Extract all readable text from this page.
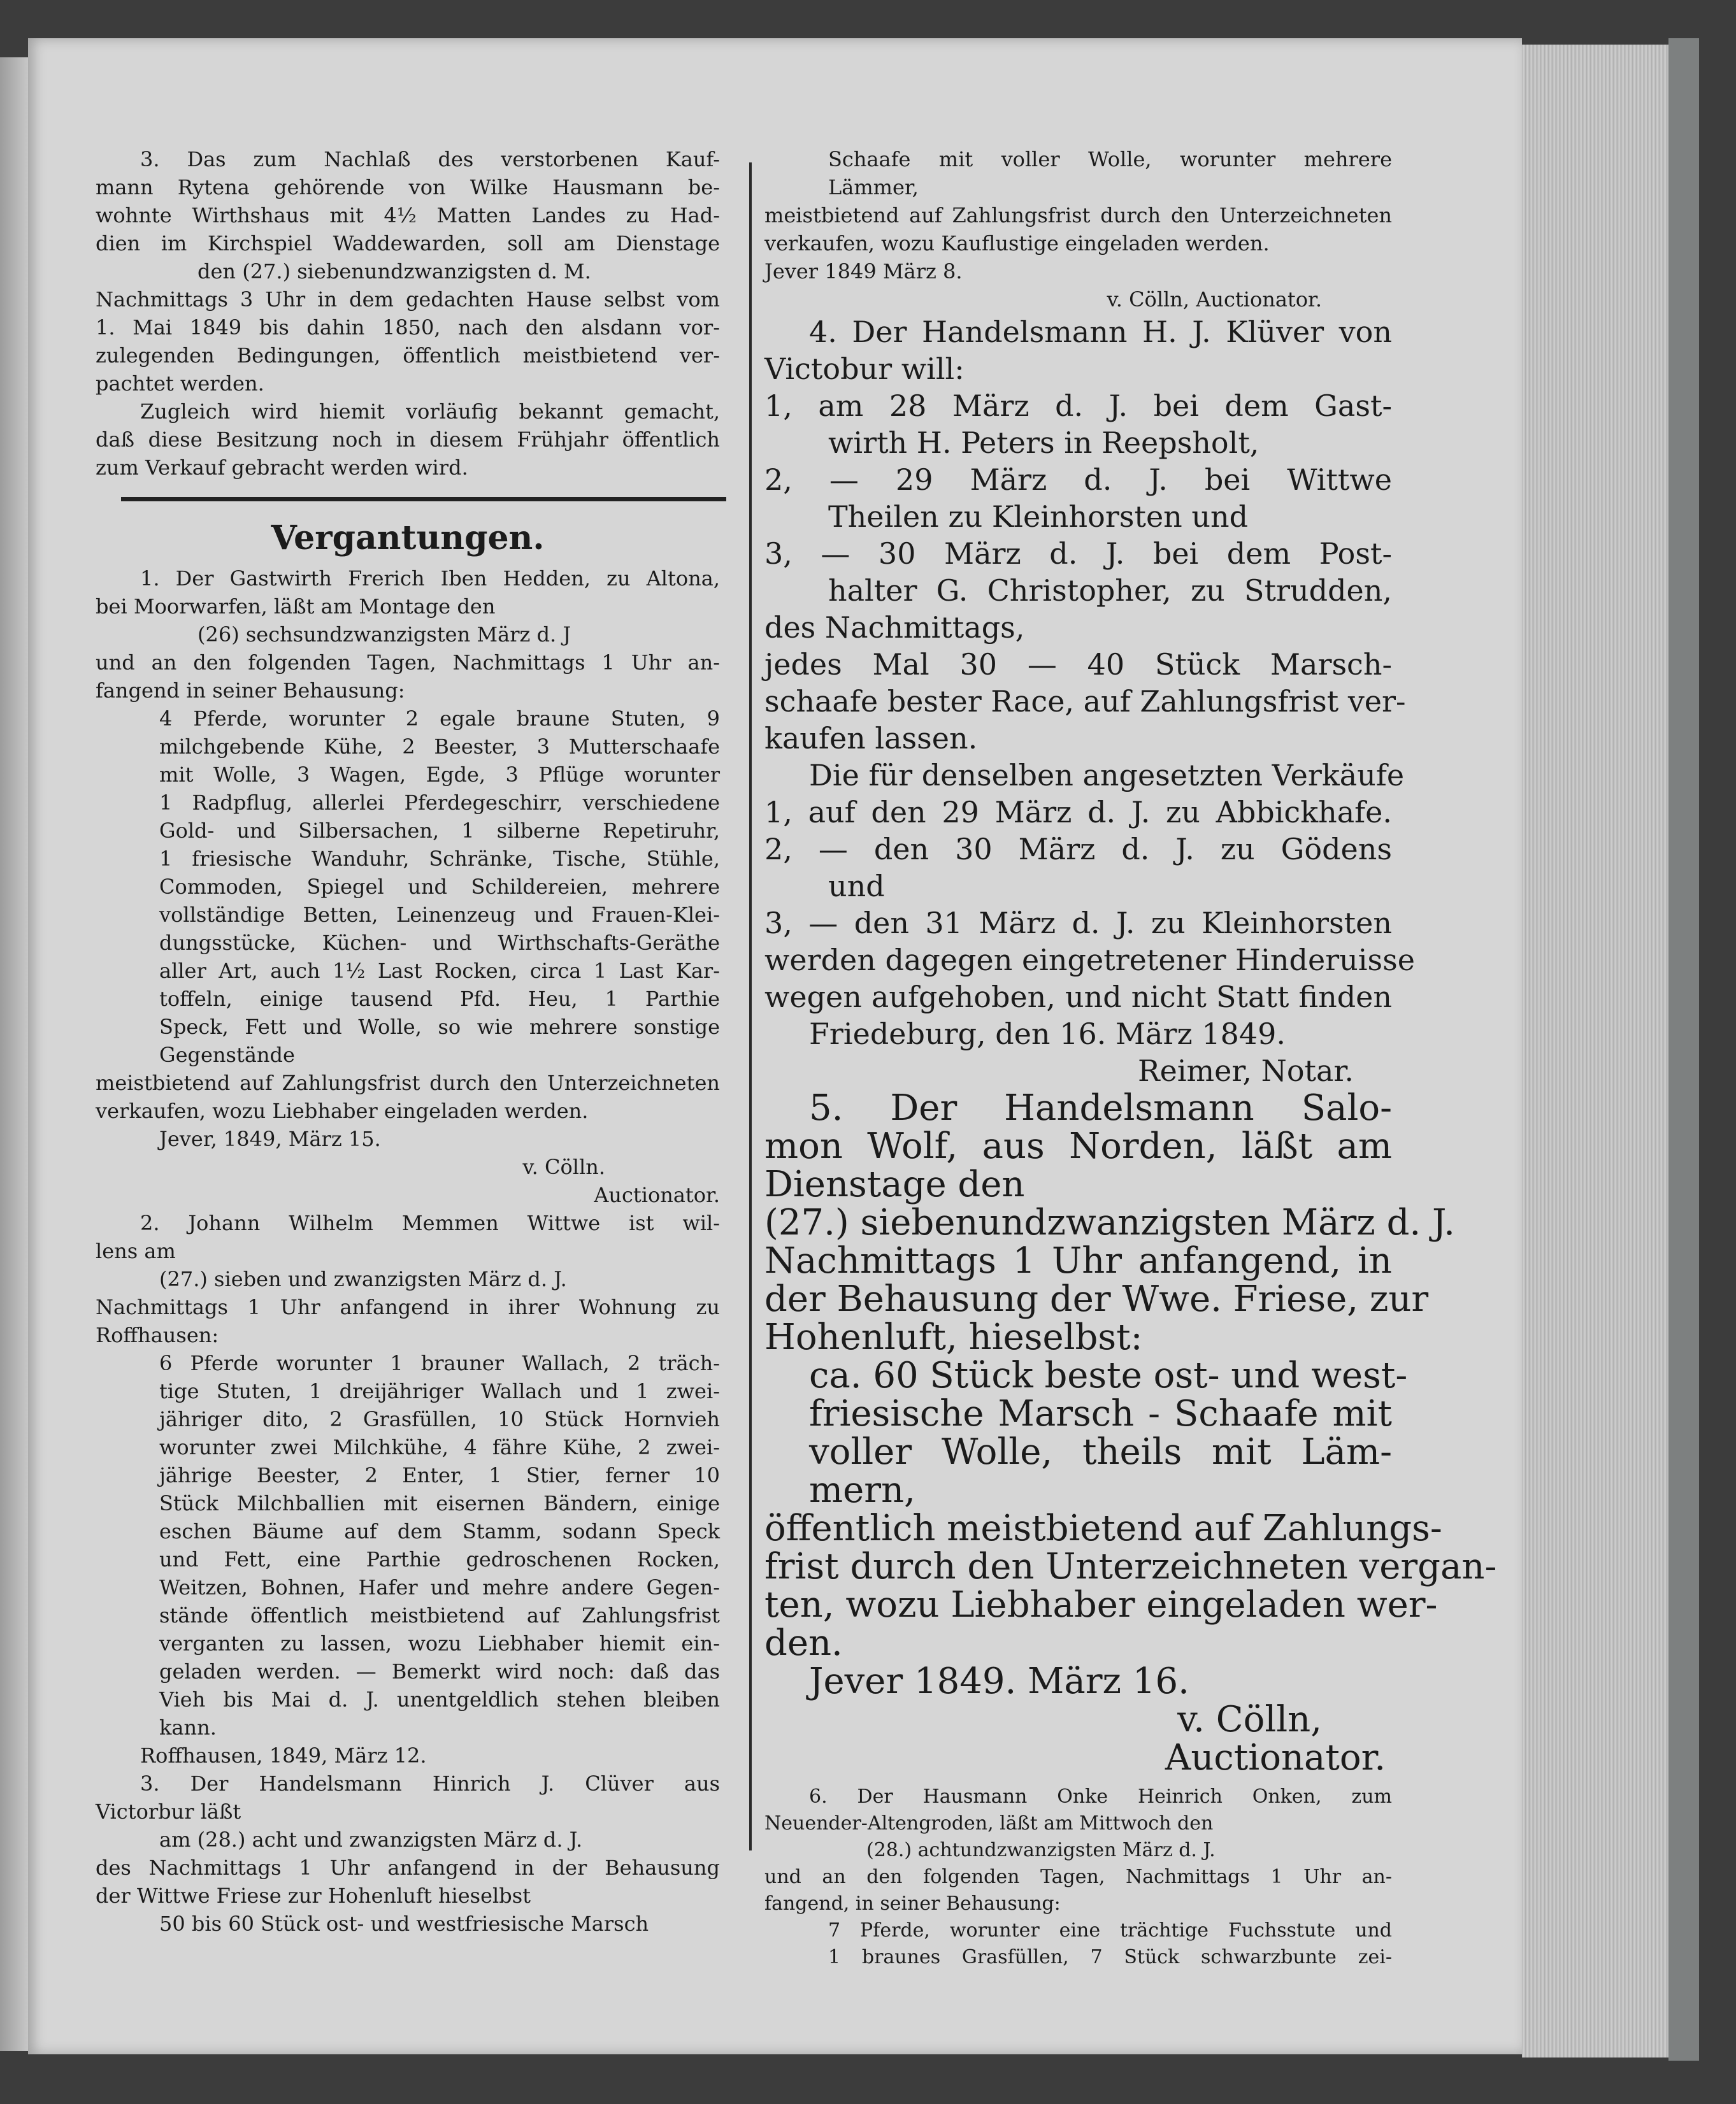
3. Das zum Nachlaß des verstorbenen Kauf-

mann Rytena gehörende von Wilke Hausmann be-

wohnte Wirthshaus mit 4½ Matten Landes zu Had-

dien im Kirchspiel Waddewarden, soll am Dienstage

den (27.) siebenundzwanzigsten d. M.

Nachmittags 3 Uhr in dem gedachten Hause selbst vom

1. Mai 1849 bis dahin 1850, nach den alsdann vor-

zulegenden Bedingungen, öffentlich meistbietend ver-

pachtet werden.

Zugleich wird hiemit vorläufig bekannt gemacht,

daß diese Besitzung noch in diesem Frühjahr öffentlich

zum Verkauf gebracht werden wird.

Vergantungen.

1. Der Gastwirth Frerich Iben Hedden, zu Altona,

bei Moorwarfen, läßt am Montage den

(26) sechsundzwanzigsten März d. J

und an den folgenden Tagen, Nachmittags 1 Uhr an-

fangend in seiner Behausung:

4 Pferde, worunter 2 egale braune Stuten, 9

milchgebende Kühe, 2 Beester, 3 Mutterschaafe

mit Wolle, 3 Wagen, Egde, 3 Pflüge worunter

1 Radpflug, allerlei Pferdegeschirr, verschiedene

Gold- und Silbersachen, 1 silberne Repetiruhr,

1 friesische Wanduhr, Schränke, Tische, Stühle,

Commoden, Spiegel und Schildereien, mehrere

vollständige Betten, Leinenzeug und Frauen-Klei-

dungsstücke, Küchen- und Wirthschafts-Geräthe

aller Art, auch 1½ Last Rocken, circa 1 Last Kar-

toffeln, einige tausend Pfd. Heu, 1 Parthie

Speck, Fett und Wolle, so wie mehrere sonstige

Gegenstände

meistbietend auf Zahlungsfrist durch den Unterzeichneten

verkaufen, wozu Liebhaber eingeladen werden.

Jever, 1849, März 15.

v. Cölln.

Auctionator.

2. Johann Wilhelm Memmen Wittwe ist wil-

lens am

(27.) sieben und zwanzigsten März d. J.

Nachmittags 1 Uhr anfangend in ihrer Wohnung zu

Roffhausen:

6 Pferde worunter 1 brauner Wallach, 2 träch-

tige Stuten, 1 dreijähriger Wallach und 1 zwei-

jähriger dito, 2 Grasfüllen, 10 Stück Hornvieh

worunter zwei Milchkühe, 4 fähre Kühe, 2 zwei-

jährige Beester, 2 Enter, 1 Stier, ferner 10

Stück Milchballien mit eisernen Bändern, einige

eschen Bäume auf dem Stamm, sodann Speck

und Fett, eine Parthie gedroschenen Rocken,

Weitzen, Bohnen, Hafer und mehre andere Gegen-

stände öffentlich meistbietend auf Zahlungsfrist

verganten zu lassen, wozu Liebhaber hiemit ein-

geladen werden. — Bemerkt wird noch: daß das

Vieh bis Mai d. J. unentgeldlich stehen bleiben

kann.

Roffhausen, 1849, März 12.

3. Der Handelsmann Hinrich J. Clüver aus

Victorbur läßt

am (28.) acht und zwanzigsten März d. J.

des Nachmittags 1 Uhr anfangend in der Behausung

der Wittwe Friese zur Hohenluft hieselbst

50 bis 60 Stück ost- und westfriesische Marsch

Schaafe mit voller Wolle, worunter mehrere

Lämmer,

meistbietend auf Zahlungsfrist durch den Unterzeichneten

verkaufen, wozu Kauflustige eingeladen werden.

Jever 1849 März 8.

v. Cölln, Auctionator.

4. Der Handelsmann H. J. Klüver von

Victobur will:

1, am 28 März d. J. bei dem Gast-

wirth H. Peters in Reepsholt,

2, — 29 März d. J. bei Wittwe

Theilen zu Kleinhorsten und

3, — 30 März d. J. bei dem Post-

halter G. Christopher, zu Strudden,

des Nachmittags,

jedes Mal 30 — 40 Stück Marsch-

schaafe bester Race, auf Zahlungsfrist ver-

kaufen lassen.

Die für denselben angesetzten Verkäufe

1, auf den 29 März d. J. zu Abbickhafe.

2, — den 30 März d. J. zu Gödens

und

3, — den 31 März d. J. zu Kleinhorsten

werden dagegen eingetretener Hinderuisse

wegen aufgehoben, und nicht Statt finden

Friedeburg, den 16. März 1849.

Reimer, Notar.

5. Der Handelsmann Salo-

mon Wolf, aus Norden, läßt am

Dienstage den

(27.) siebenundzwanzigsten März d. J.

Nachmittags 1 Uhr anfangend, in

der Behausung der Wwe. Friese, zur

Hohenluft, hieselbst:

ca. 60 Stück beste ost- und west-

friesische Marsch - Schaafe mit

voller Wolle, theils mit Läm-

mern,

öffentlich meistbietend auf Zahlungs-

frist durch den Unterzeichneten vergan-

ten, wozu Liebhaber eingeladen wer-

den.

Jever 1849. März 16.

v. Cölln,

Auctionator.

6. Der Hausmann Onke Heinrich Onken, zum

Neuender-Altengroden, läßt am Mittwoch den

(28.) achtundzwanzigsten März d. J.

und an den folgenden Tagen, Nachmittags 1 Uhr an-

fangend, in seiner Behausung:

7 Pferde, worunter eine trächtige Fuchsstute und

1 braunes Grasfüllen, 7 Stück schwarzbunte zei-
